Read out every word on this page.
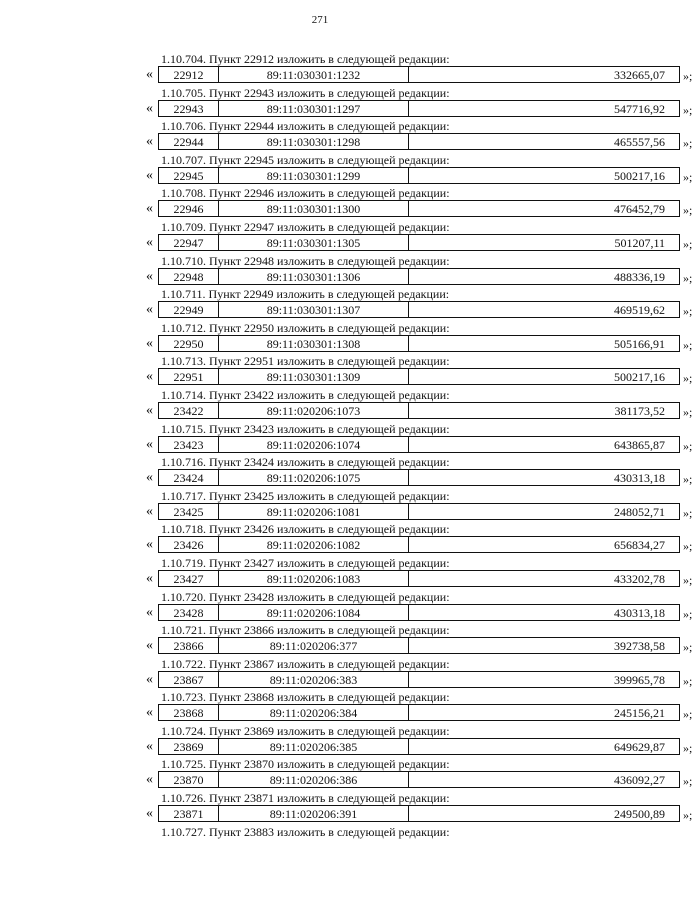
271
1.10.704. Пункт 22912 изложить в следующей редакции:
«	22912	89:11:030301:1232	332665,07	»;
1.10.705. Пункт 22943 изложить в следующей редакции:
«	22943	89:11:030301:1297	547716,92	»;
1.10.706. Пункт 22944 изложить в следующей редакции:
«	22944	89:11:030301:1298	465557,56	»;
1.10.707. Пункт 22945 изложить в следующей редакции:
«	22945	89:11:030301:1299	500217,16	»;
1.10.708. Пункт 22946 изложить в следующей редакции:
«	22946	89:11:030301:1300	476452,79	»;
1.10.709. Пункт 22947 изложить в следующей редакции:
«	22947	89:11:030301:1305	501207,11	»;
1.10.710. Пункт 22948 изложить в следующей редакции:
«	22948	89:11:030301:1306	488336,19	»;
1.10.711. Пункт 22949 изложить в следующей редакции:
«	22949	89:11:030301:1307	469519,62	»;
1.10.712. Пункт 22950 изложить в следующей редакции:
«	22950	89:11:030301:1308	505166,91	»;
1.10.713. Пункт 22951 изложить в следующей редакции:
«	22951	89:11:030301:1309	500217,16	»;
1.10.714. Пункт 23422 изложить в следующей редакции:
«	23422	89:11:020206:1073	381173,52	»;
1.10.715. Пункт 23423 изложить в следующей редакции:
«	23423	89:11:020206:1074	643865,87	»;
1.10.716. Пункт 23424 изложить в следующей редакции:
«	23424	89:11:020206:1075	430313,18	»;
1.10.717. Пункт 23425 изложить в следующей редакции:
«	23425	89:11:020206:1081	248052,71	»;
1.10.718. Пункт 23426 изложить в следующей редакции:
«	23426	89:11:020206:1082	656834,27	»;
1.10.719. Пункт 23427 изложить в следующей редакции:
«	23427	89:11:020206:1083	433202,78	»;
1.10.720. Пункт 23428 изложить в следующей редакции:
«	23428	89:11:020206:1084	430313,18	»;
1.10.721. Пункт 23866 изложить в следующей редакции:
«	23866	89:11:020206:377	392738,58	»;
1.10.722. Пункт 23867 изложить в следующей редакции:
«	23867	89:11:020206:383	399965,78	»;
1.10.723. Пункт 23868 изложить в следующей редакции:
«	23868	89:11:020206:384	245156,21	»;
1.10.724. Пункт 23869 изложить в следующей редакции:
«	23869	89:11:020206:385	649629,87	»;
1.10.725. Пункт 23870 изложить в следующей редакции:
«	23870	89:11:020206:386	436092,27	»;
1.10.726. Пункт 23871 изложить в следующей редакции:
«	23871	89:11:020206:391	249500,89	»;
1.10.727. Пункт 23883 изложить в следующей редакции:
